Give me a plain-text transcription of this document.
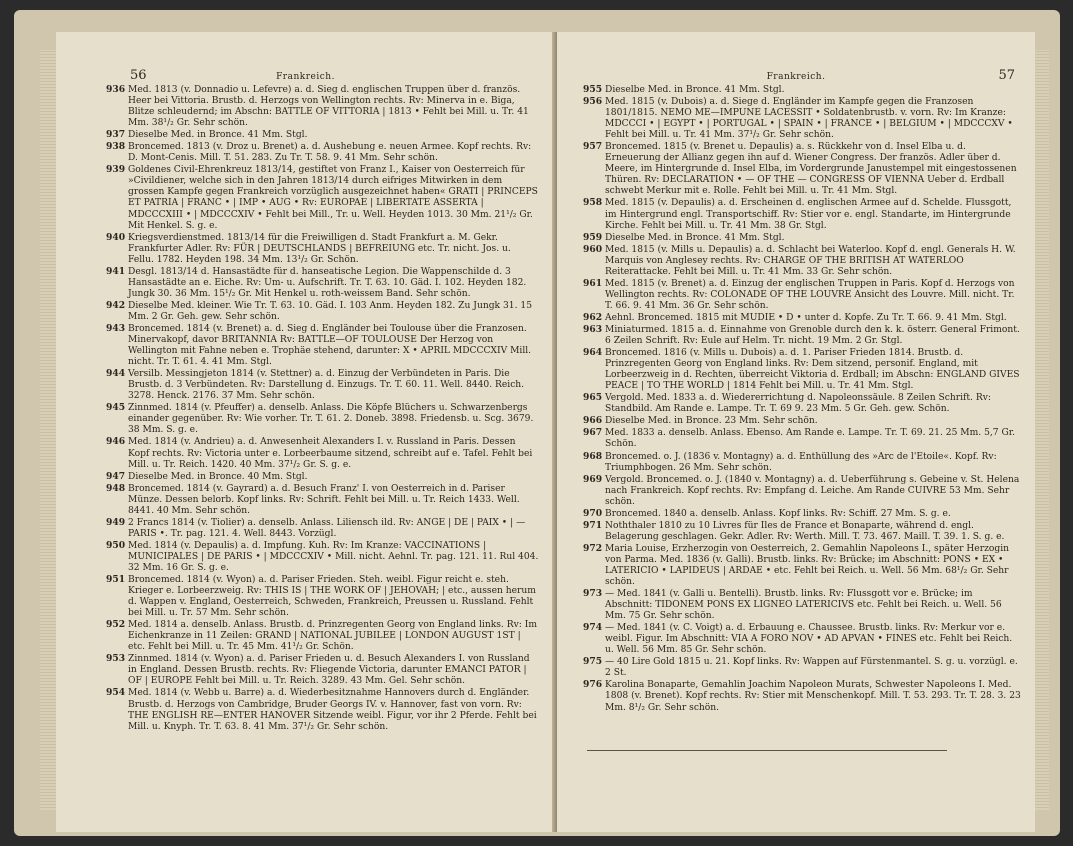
56	Frankreich.

936 Med. 1813 (v. Donnadio u. Lefevre) a. d. Sieg d. englischen Truppen über d. französ. Heer bei Vittoria. Brustb. d. Herzogs von Wellington rechts. Rv: Minerva in e. Biga, Blitze schleudernd; im Abschn: BATTLE OF VITTORIA | 1813 • Fehlt bei Mill. u. Tr. 41 Mm. 38¹/₂ Gr. Sehr schön.

937 Dieselbe Med. in Bronce. 41 Mm. Stgl.

938 Broncemed. 1813 (v. Droz u. Brenet) a. d. Aushebung e. neuen Armee. Kopf rechts. Rv: D. Mont-Cenis. Mill. T. 51. 283. Zu Tr. T. 58. 9. 41 Mm. Sehr schön.

939 Goldenes Civil-Ehrenkreuz 1813/14, gestiftet von Franz I., Kaiser von Oesterreich für »Civildiener, welche sich in den Jahren 1813/14 durch eifriges Mitwirken in dem grossen Kampfe gegen Frankreich vorzüglich ausgezeichnet haben« GRATI | PRINCEPS ET PATRIA | FRANC • | IMP • AUG • Rv: EUROPAE | LIBERTATE ASSERTA | MDCCCXIII • | MDCCCXIV • Fehlt bei Mill., Tr. u. Well. Heyden 1013. 30 Mm. 21¹/₂ Gr. Mit Henkel. S. g. e.

940 Kriegsverdienstmed. 1813/14 für die Freiwilligen d. Stadt Frankfurt a. M. Gekr. Frankfurter Adler. Rv: FÜR | DEUTSCHLANDS | BEFREIUNG etc. Tr. nicht. Jos. u. Fellu. 1782. Heyden 198. 34 Mm. 13¹/₂ Gr. Schön.

941 Desgl. 1813/14 d. Hansastädte für d. hanseatische Legion. Die Wappenschilde d. 3 Hansastädte an e. Eiche. Rv: Um- u. Aufschrift. Tr. T. 63. 10. Gäd. I. 102. Heyden 182. Jungk 30. 36 Mm. 15¹/₂ Gr. Mit Henkel u. roth-weissem Band. Sehr schön.

942 Dieselbe Med. kleiner. Wie Tr. T. 63. 10. Gäd. I. 103 Anm. Heyden 182. Zu Jungk 31. 15 Mm. 2 Gr. Geh. gew. Sehr schön.

943 Broncemed. 1814 (v. Brenet) a. d. Sieg d. Engländer bei Toulouse über die Franzosen. Minervakopf, davor BRITANNIA Rv: BATTLE—OF TOULOUSE Der Herzog von Wellington mit Fahne neben e. Trophäe stehend, darunter: X • APRIL MDCCCXIV Mill. nicht. Tr. T. 61. 4. 41 Mm. Stgl.

944 Versilb. Messingjeton 1814 (v. Stettner) a. d. Einzug der Verbündeten in Paris. Die Brustb. d. 3 Verbündeten. Rv: Darstellung d. Einzugs. Tr. T. 60. 11. Well. 8440. Reich. 3278. Henck. 2176. 37 Mm. Sehr schön.

945 Zinnmed. 1814 (v. Pfeuffer) a. denselb. Anlass. Die Köpfe Blüchers u. Schwarzenbergs einander gegenüber. Rv: Wie vorher. Tr. T. 61. 2. Doneb. 3898. Friedensb. u. Scg. 3679. 38 Mm. S. g. e.

946 Med. 1814 (v. Andrieu) a. d. Anwesenheit Alexanders I. v. Russland in Paris. Dessen Kopf rechts. Rv: Victoria unter e. Lorbeerbaume sitzend, schreibt auf e. Tafel. Fehlt bei Mill. u. Tr. Reich. 1420. 40 Mm. 37¹/₂ Gr. S. g. e.

947 Dieselbe Med. in Bronce. 40 Mm. Stgl.

948 Broncemed. 1814 (v. Gayrard) a. d. Besuch Franz' I. von Oesterreich in d. Pariser Münze. Dessen belorb. Kopf links. Rv: Schrift. Fehlt bei Mill. u. Tr. Reich 1433. Well. 8441. 40 Mm. Sehr schön.

949 2 Francs 1814 (v. Tiolier) a. denselb. Anlass. Liliensch ild. Rv: ANGE | DE | PAIX • | — PARIS •. Tr. pag. 121. 4. Well. 8443. Vorzügl.

950 Med. 1814 (v. Depaulis) a. d. Impfung. Kuh. Rv: Im Kranze: VACCINATIONS | MUNICIPALES | DE PARIS • | MDCCCXIV • Mill. nicht. Aehnl. Tr. pag. 121. 11. Rul 404. 32 Mm. 16 Gr. S. g. e.

951 Broncemed. 1814 (v. Wyon) a. d. Pariser Frieden. Steh. weibl. Figur reicht e. steh. Krieger e. Lorbeerzweig. Rv: THIS IS | THE WORK OF | JEHOVAH; | etc., aussen herum d. Wappen v. England, Oesterreich, Schweden, Frankreich, Preussen u. Russland. Fehlt bei Mill. u. Tr. 57 Mm. Sehr schön.

952 Med. 1814 a. denselb. Anlass. Brustb. d. Prinzregenten Georg von England links. Rv: Im Eichenkranze in 11 Zeilen: GRAND | NATIONAL JUBILEE | LONDON AUGUST 1ST | etc. Fehlt bei Mill. u. Tr. 45 Mm. 41¹/₂ Gr. Schön.

953 Zinnmed. 1814 (v. Wyon) a. d. Pariser Frieden u. d. Besuch Alexanders I. von Russland in England. Dessen Brustb. rechts. Rv: Fliegende Victoria, darunter EMANCI PATOR | OF | EUROPE Fehlt bei Mill. u. Tr. Reich. 3289. 43 Mm. Gel. Sehr schön.

954 Med. 1814 (v. Webb u. Barre) a. d. Wiederbesitznahme Hannovers durch d. Engländer. Brustb. d. Herzogs von Cambridge, Bruder Georgs IV. v. Hannover, fast von vorn. Rv: THE ENGLISH RE—ENTER HANOVER Sitzende weibl. Figur, vor ihr 2 Pferde. Fehlt bei Mill. u. Knyph. Tr. T. 63. 8. 41 Mm. 37¹/₂ Gr. Sehr schön.

57
Frankreich.

955 Dieselbe Med. in Bronce. 41 Mm. Stgl.

956 Med. 1815 (v. Dubois) a. d. Siege d. Engländer im Kampfe gegen die Franzosen 1801/1815. NEMO ME—IMPUNE LACESSIT • Soldatenbrustb. v. vorn. Rv: Im Kranze: MDCCCI • | EGYPT • | PORTUGAL • | SPAIN • | FRANCE • | BELGIUM • | MDCCCXV • Fehlt bei Mill. u. Tr. 41 Mm. 37¹/₂ Gr. Sehr schön.

957 Broncemed. 1815 (v. Brenet u. Depaulis) a. s. Rückkehr von d. Insel Elba u. d. Erneuerung der Allianz gegen ihn auf d. Wiener Congress. Der französ. Adler über d. Meere, im Hintergrunde d. Insel Elba, im Vordergrunde Janustempel mit eingestossenen Thüren. Rv: DECLARATION • — OF THE — CONGRESS OF VIENNA Ueber d. Erdball schwebt Merkur mit e. Rolle. Fehlt bei Mill. u. Tr. 41 Mm. Stgl.

958 Med. 1815 (v. Depaulis) a. d. Erscheinen d. englischen Armee auf d. Schelde. Flussgott, im Hintergrund engl. Transportschiff. Rv: Stier vor e. engl. Standarte, im Hintergrunde Kirche. Fehlt bei Mill. u. Tr. 41 Mm. 38 Gr. Stgl.

959 Dieselbe Med. in Bronce. 41 Mm. Stgl.

960 Med. 1815 (v. Mills u. Depaulis) a. d. Schlacht bei Waterloo. Kopf d. engl. Generals H. W. Marquis von Anglesey rechts. Rv: CHARGE OF THE BRITISH AT WATERLOO Reiterattacke. Fehlt bei Mill. u. Tr. 41 Mm. 33 Gr. Sehr schön.

961 Med. 1815 (v. Brenet) a. d. Einzug der englischen Truppen in Paris. Kopf d. Herzogs von Wellington rechts. Rv: COLONADE OF THE LOUVRE Ansicht des Louvre. Mill. nicht. Tr. T. 66. 9. 41 Mm. 36 Gr. Sehr schön.

962 Aehnl. Broncemed. 1815 mit MUDIE • D • unter d. Kopfe. Zu Tr. T. 66. 9. 41 Mm. Stgl.

963 Miniaturmed. 1815 a. d. Einnahme von Grenoble durch den k. k. österr. General Frimont. 6 Zeilen Schrift. Rv: Eule auf Helm. Tr. nicht. 19 Mm. 2 Gr. Stgl.

964 Broncemed. 1816 (v. Mills u. Dubois) a. d. 1. Pariser Frieden 1814. Brustb. d. Prinzregenten Georg von England links. Rv: Dem sitzend, personif. England, mit Lorbeerzweig in d. Rechten, überreicht Viktoria d. Erdball; im Abschn: ENGLAND GIVES PEACE | TO THE WORLD | 1814 Fehlt bei Mill. u. Tr. 41 Mm. Stgl.

965 Vergold. Med. 1833 a. d. Wiedererrichtung d. Napoleonssäule. 8 Zeilen Schrift. Rv: Standbild. Am Rande e. Lampe. Tr. T. 69 9. 23 Mm. 5 Gr. Geh. gew. Schön.

966 Dieselbe Med. in Bronce. 23 Mm. Sehr schön.

967 Med. 1833 a. denselb. Anlass. Ebenso. Am Rande e. Lampe. Tr. T. 69. 21. 25 Mm. 5,7 Gr. Schön.

968 Broncemed. o. J. (1836 v. Montagny) a. d. Enthüllung des »Arc de l'Etoile«. Kopf. Rv: Triumphbogen. 26 Mm. Sehr schön.

969 Vergold. Broncemed. o. J. (1840 v. Montagny) a. d. Ueberführung s. Gebeine v. St. Helena nach Frankreich. Kopf rechts. Rv: Empfang d. Leiche. Am Rande CUIVRE 53 Mm. Sehr schön.

970 Broncemed. 1840 a. denselb. Anlass. Kopf links. Rv: Schiff. 27 Mm. S. g. e.

971 Noththaler 1810 zu 10 Livres für Iles de France et Bonaparte, während d. engl. Belagerung geschlagen. Gekr. Adler. Rv: Werth. Mill. T. 73. 467. Maill. T. 39. 1. S. g. e.

972 Maria Louise, Erzherzogin von Oesterreich, 2. Gemahlin Napoleons I., später Herzogin von Parma. Med. 1836 (v. Galli). Brustb. links. Rv: Brücke; im Abschnitt: PONS • EX • LATERICIO • LAPIDEUS | ARDAE • etc. Fehlt bei Reich. u. Well. 56 Mm. 68¹/₂ Gr. Sehr schön.

973 — Med. 1841 (v. Galli u. Bentelli). Brustb. links. Rv: Flussgott vor e. Brücke; im Abschnitt: TIDONEM PONS EX LIGNEO LATERICIVS etc. Fehlt bei Reich. u. Well. 56 Mm. 75 Gr. Sehr schön.

974 — Med. 1841 (v. C. Voigt) a. d. Erbauung e. Chaussee. Brustb. links. Rv: Merkur vor e. weibl. Figur. Im Abschnitt: VIA A FORO NOV • AD APVAN • FINES etc. Fehlt bei Reich. u. Well. 56 Mm. 85 Gr. Sehr schön.

975 — 40 Lire Gold 1815 u. 21. Kopf links. Rv: Wappen auf Fürstenmantel. S. g. u. vorzügl. e. 2 St.

976 Karolina Bonaparte, Gemahlin Joachim Napoleon Murats, Schwester Napoleons I. Med. 1808 (v. Brenet). Kopf rechts. Rv: Stier mit Menschenkopf. Mill. T. 53. 293. Tr. T. 28. 3. 23 Mm. 8¹/₂ Gr. Sehr schön.
